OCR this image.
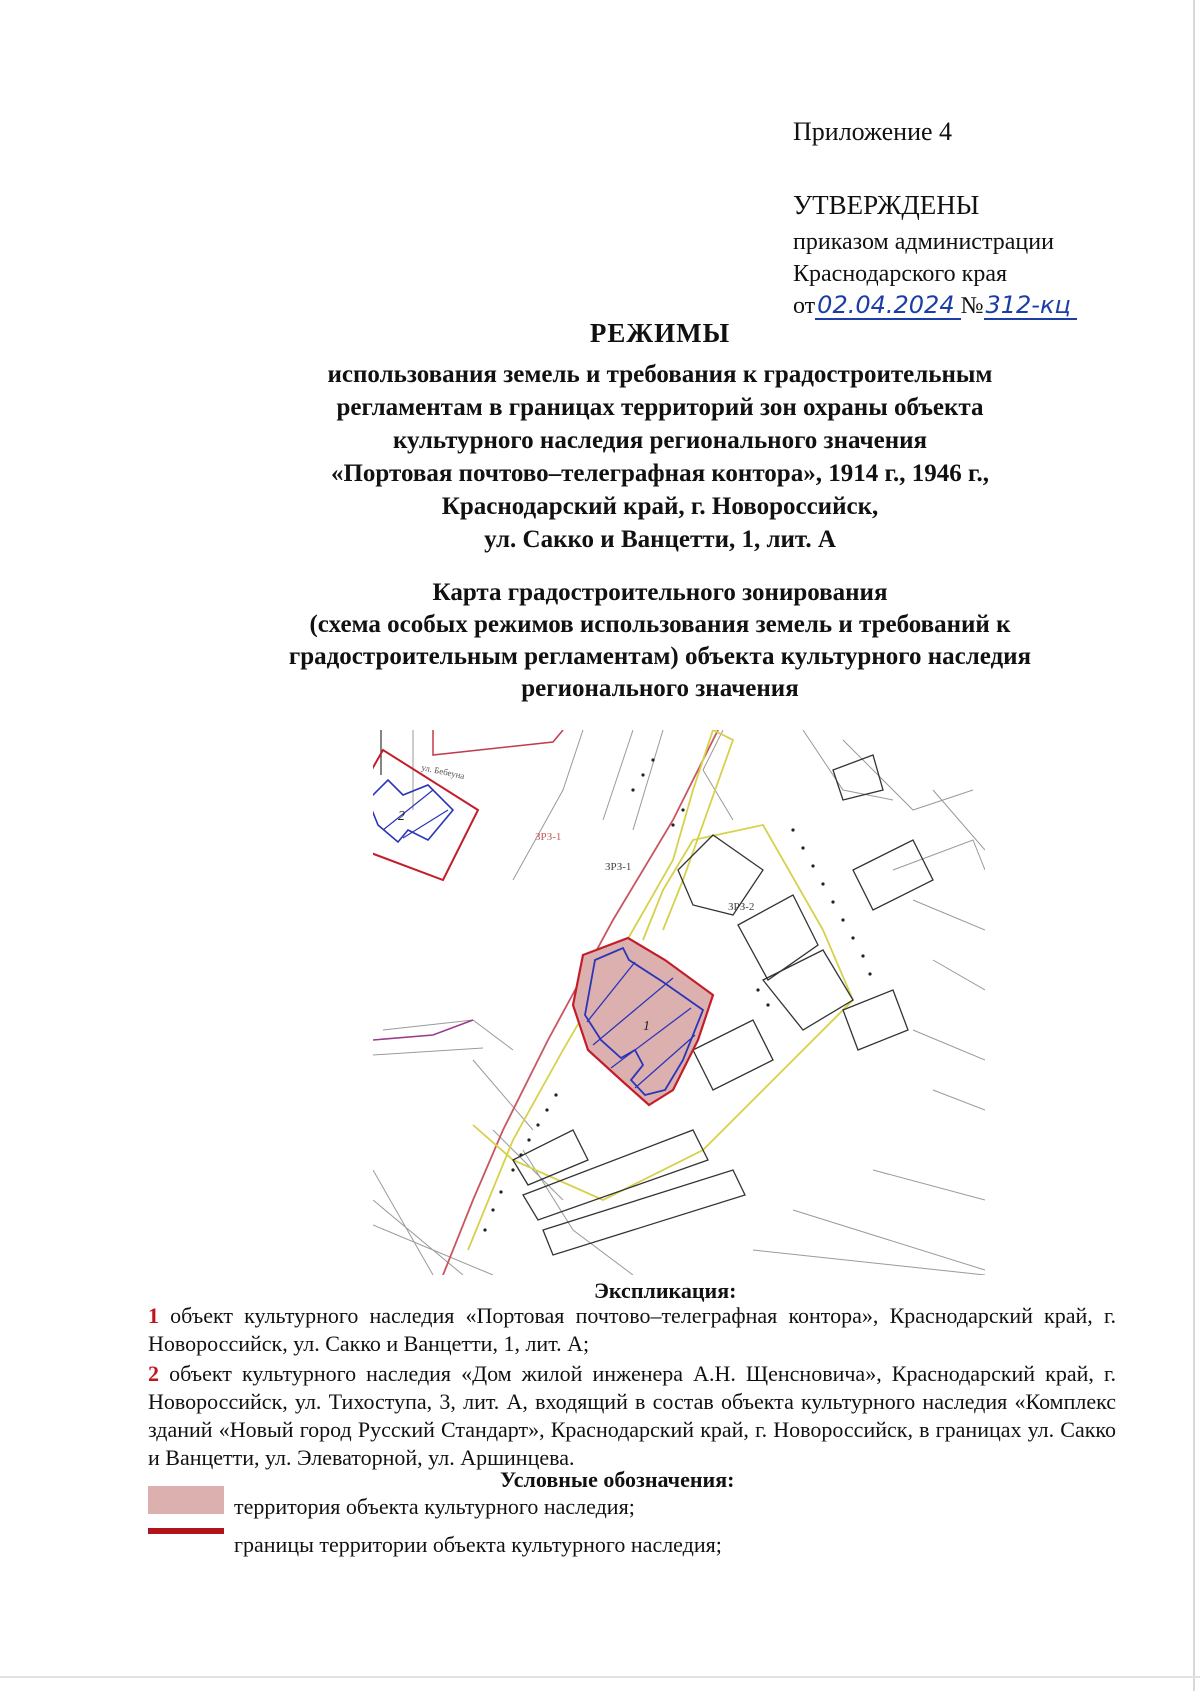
Приложение 4
УТВЕРЖДЕНЫ
приказом администрации
Краснодарского края
от02.04.2024 №312-кц
РЕЖИМЫ
использования земель и требования к градостроительным
регламентам в границах территорий зон охраны объекта
культурного наследия регионального значения
«Портовая почтово–телеграфная контора», 1914 г., 1946 г.,
Краснодарский край, г. Новороссийск,
ул. Сакко и Ванцетти, 1, лит. А
Карта градостроительного зонирования
(схема особых режимов использования земель и требований к
градостроительным регламентам) объекта культурного наследия
регионального значения
ул. Бебеуна
2
ЗРЗ-1
ЗРЗ-1
ЗРЗ-2
1
Экспликация:
1 объект культурного наследия «Портовая почтово–телеграфная контора», Краснодарский край, г. Новороссийск, ул. Сакко и Ванцетти, 1, лит. А;
2 объект культурного наследия «Дом жилой инженера А.Н. Щенсновича», Краснодарский край, г. Новороссийск, ул. Тихоступа, 3, лит. А, входящий в состав объекта культурного наследия «Комплекс зданий «Новый город Русский Стандарт», Краснодарский край, г. Новороссийск, в границах ул. Сакко и Ванцетти, ул. Элеваторной, ул. Аршинцева.
Условные обозначения:
территория объекта культурного наследия;
границы территории объекта культурного наследия;
